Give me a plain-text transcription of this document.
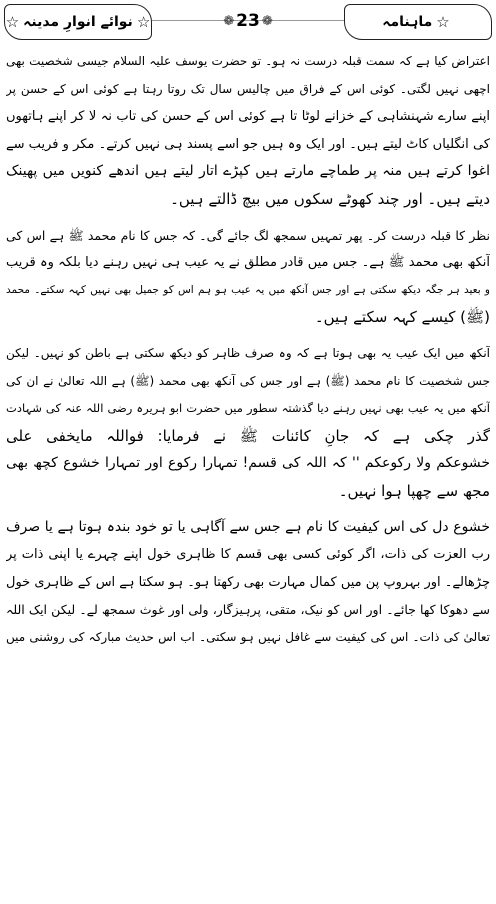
☆
نوائے انوارِ مدینہ
☆	❁ 23 ❁	☆
ماہنامہ

اعتراض کیا ہے کہ سمت قبلہ درست نہ ہو۔ تو حضرت یوسف علیہ السلام جیسی شخصیت بھی
اچھی نہیں لگتی۔ کوئی اس کے فراق میں چالیس سال تک روتا رہتا ہے کوئی اس کے حسن پر
اپنے سارے شہنشاہی کے خزانے لوٹا تا ہے کوئی اس کے حسن کی تاب نہ لا کر اپنے ہاتھوں
کی انگلیاں کاٹ لیتے ہیں۔ اور ایک وہ ہیں جو اسے پسند ہی نہیں کرتے۔ مکر و فریب سے
اغوا کرتے ہیں منہ پر طماچے مارتے ہیں کپڑے اتار لیتے ہیں اندھے کنویں میں پھینک
دیتے ہیں۔ اور چند کھوٹے سکوں میں بیچ ڈالتے ہیں۔

نظر کا قبلہ درست کر۔ پھر تمہیں سمجھ لگ جائے گی۔ کہ جس کا نام محمد ﷺ ہے اس کی
آنکھ بھی محمد ﷺ ہے۔ جس میں قادر مطلق نے یہ عیب ہی نہیں رہنے دیا بلکہ وہ قریب
و بعید ہر جگہ دیکھ سکتی ہے اور جس آنکھ میں یہ عیب ہو ہم اس کو جمیل بھی نہیں کہہ سکتے۔ محمد
(ﷺ) کیسے کہہ سکتے ہیں۔

آنکھ میں ایک عیب یہ بھی ہوتا ہے کہ وہ صرف ظاہر کو دیکھ سکتی ہے باطن کو نہیں۔ لیکن
جس شخصیت کا نام محمد (ﷺ) ہے اور جس کی آنکھ بھی محمد (ﷺ) ہے اللہ تعالیٰ نے ان کی
آنکھ میں یہ عیب بھی نہیں رہنے دیا گذشتہ سطور میں حضرت ابو ہریرہ رضی اللہ عنہ کی شہادت
گذر چکی ہے کہ جانِ کائنات ﷺ نے فرمایا: فواللہ مایخفی علی
خشوعکم ولا رکوعکم '' کہ اللہ کی قسم! تمہارا رکوع اور تمہارا خشوع کچھ بھی
مجھ سے چھپا ہوا نہیں۔

خشوع دل کی اس کیفیت کا نام ہے جس سے آگاہی یا تو خود بندہ ہوتا ہے یا صرف
رب العزت کی ذات، اگر کوئی کسی بھی قسم کا ظاہری خول اپنے چہرے یا اپنی ذات پر
چڑھالے۔ اور بہروپ پن میں کمال مہارت بھی رکھتا ہو۔ ہو سکتا ہے اس کے ظاہری خول
سے دھوکا کھا جائے۔ اور اس کو نیک، متقی، پرہیزگار، ولی اور غوث سمجھ لے۔ لیکن ایک اللہ
تعالیٰ کی ذات۔ اس کی کیفیت سے غافل نہیں ہو سکتی۔ اب اس حدیث مبارکہ کی روشنی میں
